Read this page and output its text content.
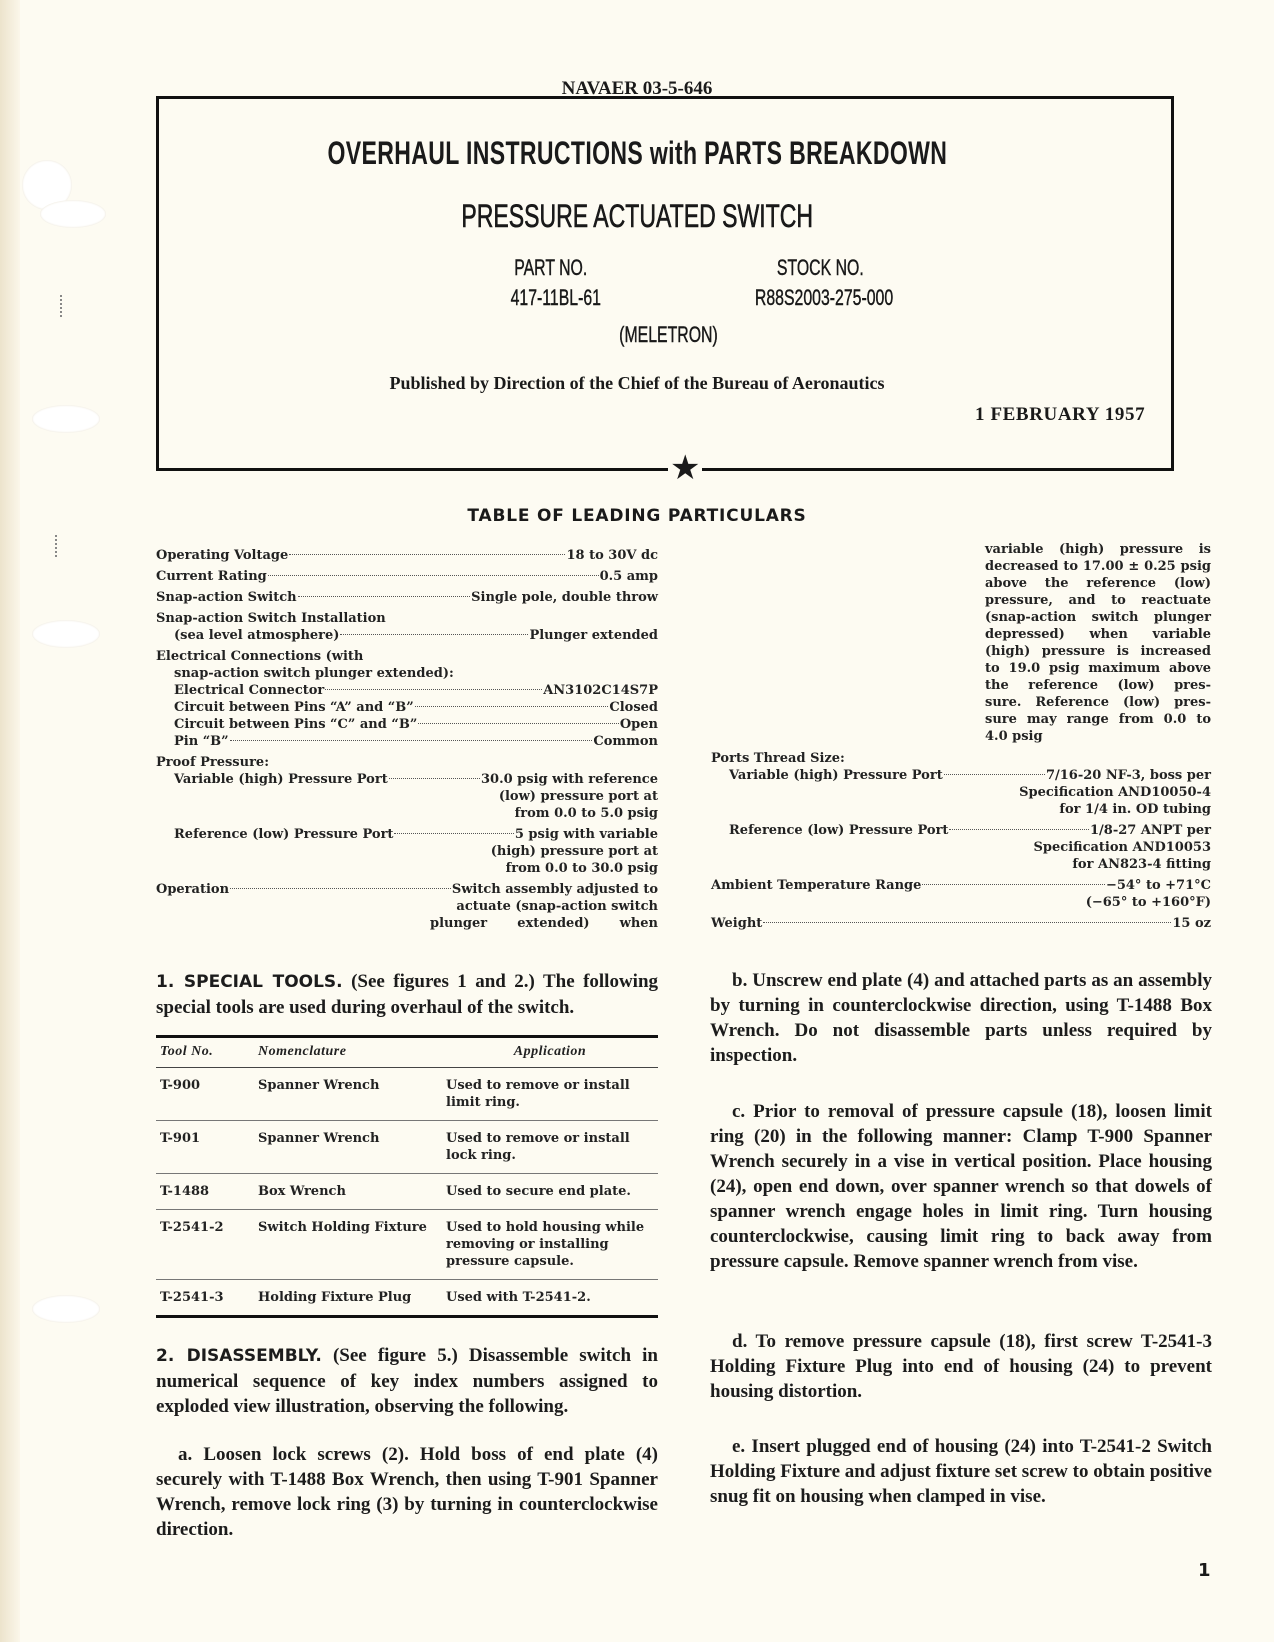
NAVAER 03-5-646
★
OVERHAUL INSTRUCTIONS with PARTS BREAKDOWN
PRESSURE ACTUATED SWITCH
PART NO.
417-11BL-61
STOCK NO.
R88S2003-275-000
(MELETRON)
Published by Direction of the Chief of the Bureau of Aeronautics
1 FEBRUARY 1957
TABLE OF LEADING PARTICULARS
Operating Voltage	18 to 30V dc
Current Rating	0.5 amp
Snap-action Switch	Single pole, double throw
Snap-action Switch Installation
(sea level atmosphere)	Plunger extended
Electrical Connections (with
snap-action switch plunger extended):
Electrical Connector	AN3102C14S7P
Circuit between Pins “A” and “B”	Closed
Circuit between Pins “C” and “B”	Open
Pin “B”	Common
Proof Pressure:
Variable (high) Pressure Port	30.0 psig with reference
(low) pressure port at
from 0.0 to 5.0 psig
Reference (low) Pressure Port	5 psig with variable
(high) pressure port at
from 0.0 to 30.0 psig
Operation	Switch assembly adjusted to
actuate (snap-action switch
plunger extended) when
variable (high) pressure is
decreased to 17.00 ± 0.25 psig
above the reference (low)
pressure, and to reactuate
(snap-action switch plunger
depressed) when variable
(high) pressure is increased
to 19.0 psig maximum above
the reference (low) pres-
sure. Reference (low) pres-
sure may range from 0.0 to
4.0 psig
Ports Thread Size:
Variable (high) Pressure Port	7/16-20 NF-3, boss per
Specification AND10050-4
for 1/4 in. OD tubing
Reference (low) Pressure Port	1/8-27 ANPT per
Specification AND10053
for AN823-4 fitting
Ambient Temperature Range	−54° to +71°C
(−65° to +160°F)
Weight	15 oz
1. SPECIAL TOOLS. (See figures 1 and 2.) The following special tools are used during overhaul of the switch.
Tool No.	Nomenclature	Application
T-900	Spanner Wrench	Used to remove or install limit ring.
T-901	Spanner Wrench	Used to remove or install lock ring.
T-1488	Box Wrench	Used to secure end plate.
T-2541-2	Switch Holding Fixture	Used to hold housing while removing or installing pressure capsule.
T-2541-3	Holding Fixture Plug	Used with T-2541-2.
2. DISASSEMBLY. (See figure 5.) Disassemble switch in numerical sequence of key index numbers assigned to exploded view illustration, observing the following.
a. Loosen lock screws (2). Hold boss of end plate (4) securely with T-1488 Box Wrench, then using T-901 Spanner Wrench, remove lock ring (3) by turning in counterclockwise direction.
b. Unscrew end plate (4) and attached parts as an assembly by turning in counterclockwise direction, using T-1488 Box Wrench. Do not disassemble parts unless required by inspection.
c. Prior to removal of pressure capsule (18), loosen limit ring (20) in the following manner: Clamp T-900 Spanner Wrench securely in a vise in vertical position. Place housing (24), open end down, over spanner wrench so that dowels of spanner wrench engage holes in limit ring. Turn housing counterclockwise, causing limit ring to back away from pressure capsule. Remove spanner wrench from vise.
d. To remove pressure capsule (18), first screw T-2541-3 Holding Fixture Plug into end of housing (24) to prevent housing distortion.
e. Insert plugged end of housing (24) into T-2541-2 Switch Holding Fixture and adjust fixture set screw to obtain positive snug fit on housing when clamped in vise.
1
